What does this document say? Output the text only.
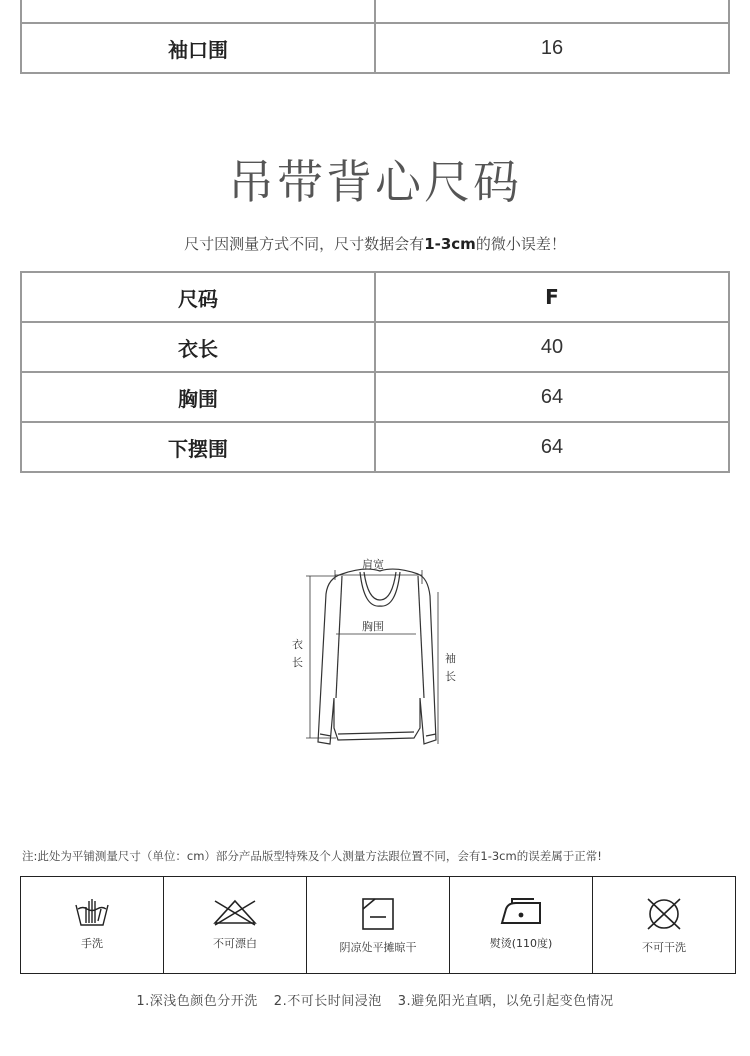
袖口围	16
吊带背心尺码
尺寸因测量方式不同，尺寸数据会有1-3cm的微小误差！
尺码	F
衣长	40
胸围	64
下摆围	64
肩宽
胸围
衣
长	袖
长
注:此处为平铺测量尺寸（单位：cm）部分产品版型特殊及个人测量方法跟位置不同，会有1-3cm的误差属于正常!
手洗	不可漂白	阴凉处平摊晾干	熨烫(110度)	不可干洗
1.深浅色颜色分开洗 2.不可长时间浸泡 3.避免阳光直晒，以免引起变色情况
